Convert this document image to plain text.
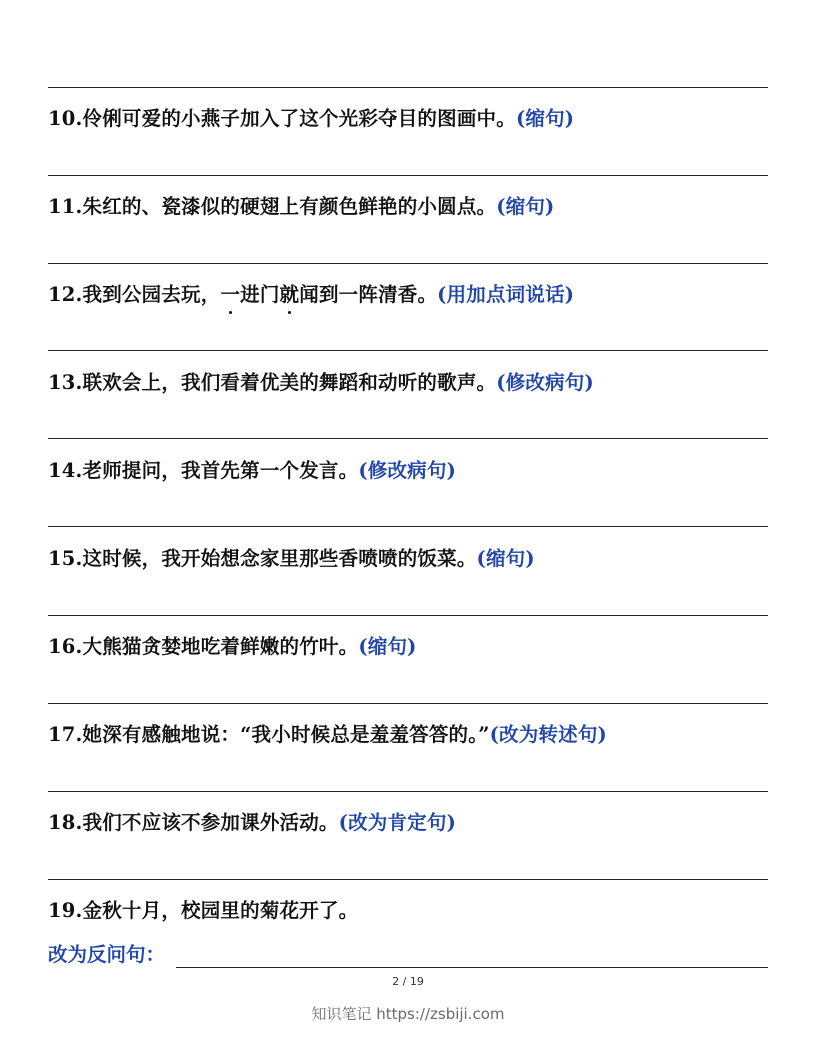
10.伶俐可爱的小燕子加入了这个光彩夺目的图画中。(缩句)
11.朱红的、瓷漆似的硬翅上有颜色鲜艳的小圆点。(缩句)
12.我到公园去玩，一进门就闻到一阵清香。(用加点词说话)
13.联欢会上，我们看着优美的舞蹈和动听的歌声。(修改病句)
14.老师提问，我首先第一个发言。(修改病句)
15.这时候，我开始想念家里那些香喷喷的饭菜。(缩句)
16.大熊猫贪婪地吃着鲜嫩的竹叶。(缩句)
17.她深有感触地说：“我小时候总是羞羞答答的。”(改为转述句)
18.我们不应该不参加课外活动。(改为肯定句)
19.金秋十月，校园里的菊花开了。
改为反问句：
2 / 19
知识笔记 https://zsbiji.com
